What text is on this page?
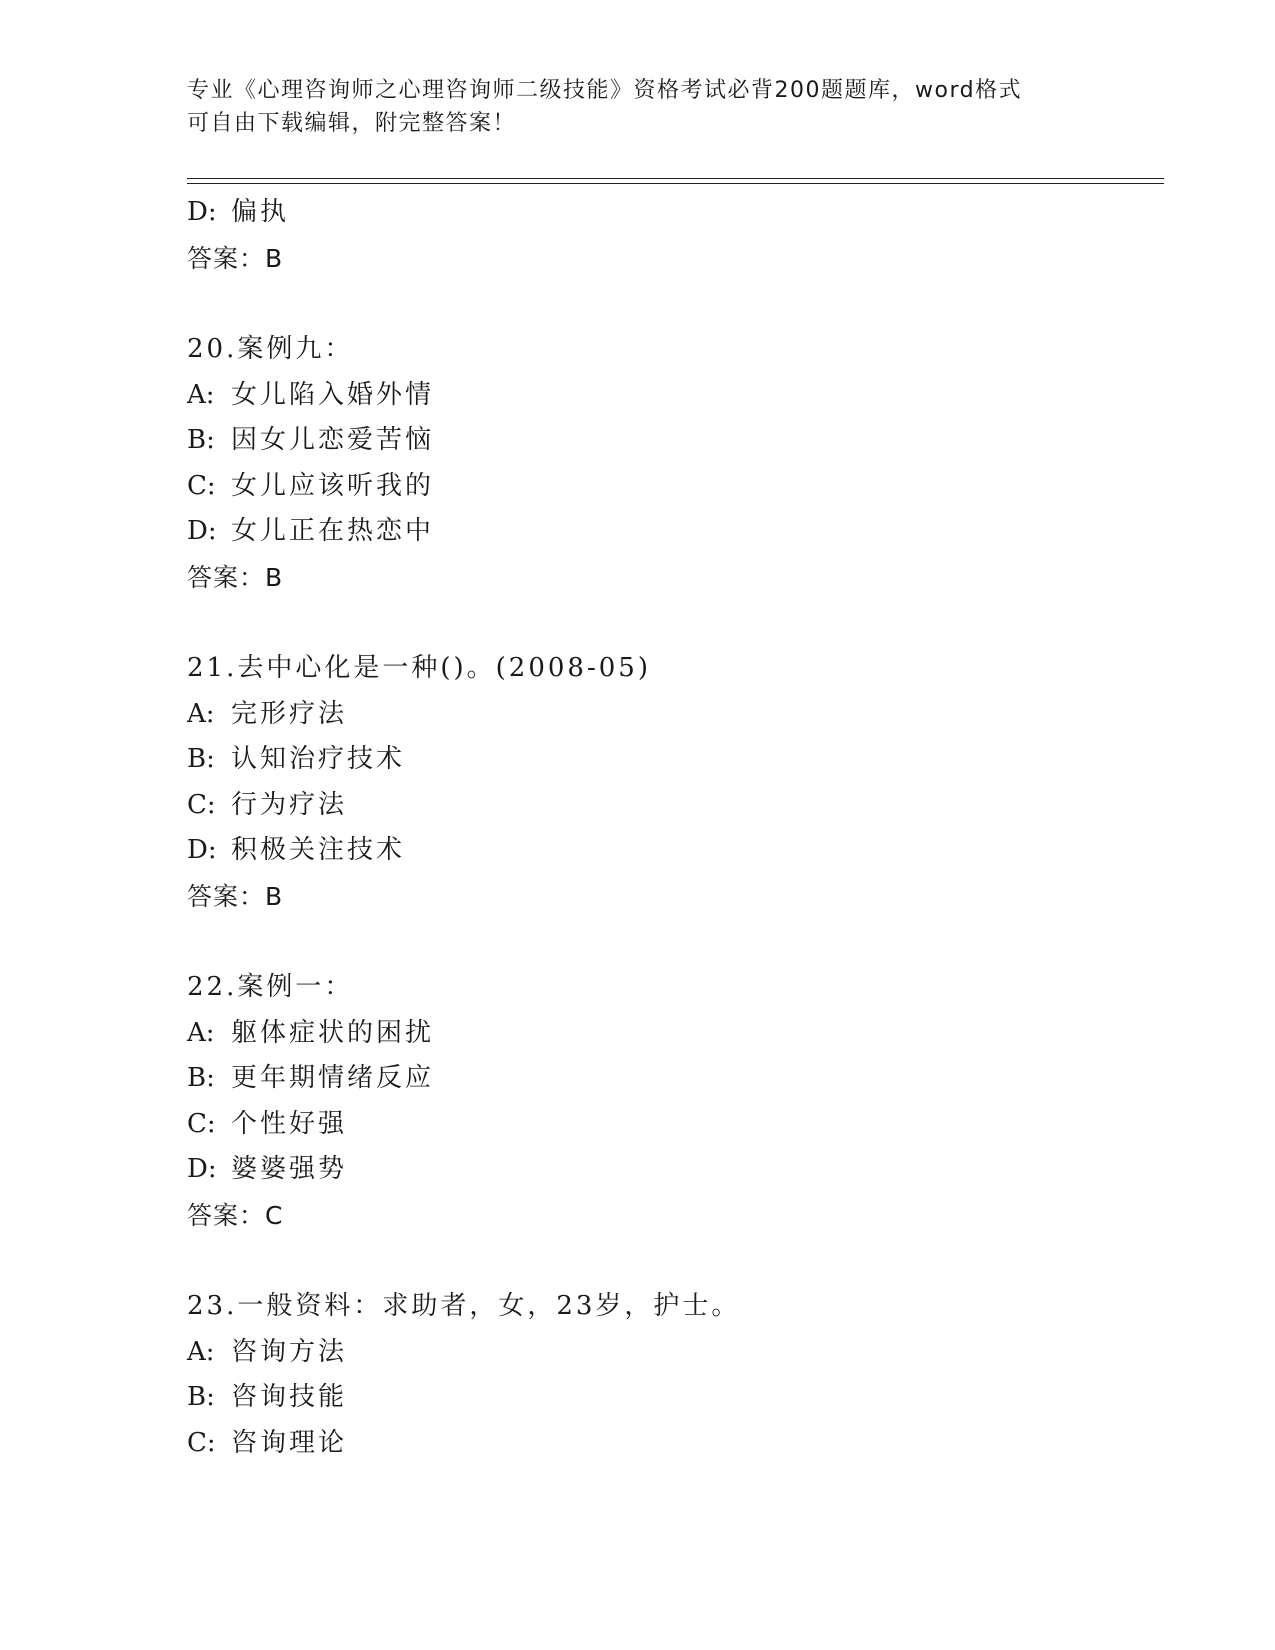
专业《心理咨询师之心理咨询师二级技能》资格考试必背200题题库，word格式
可自由下载编辑，附完整答案！
D: 偏执
答案：B
20.案例九：
A: 女儿陷入婚外情
B: 因女儿恋爱苦恼
C: 女儿应该听我的
D: 女儿正在热恋中
答案：B
21.去中心化是一种()。(2008-05)
A: 完形疗法
B: 认知治疗技术
C: 行为疗法
D: 积极关注技术
答案：B
22.案例一：
A: 躯体症状的困扰
B: 更年期情绪反应
C: 个性好强
D: 婆婆强势
答案：C
23.一般资料：求助者，女，23岁，护士。
A: 咨询方法
B: 咨询技能
C: 咨询理论
